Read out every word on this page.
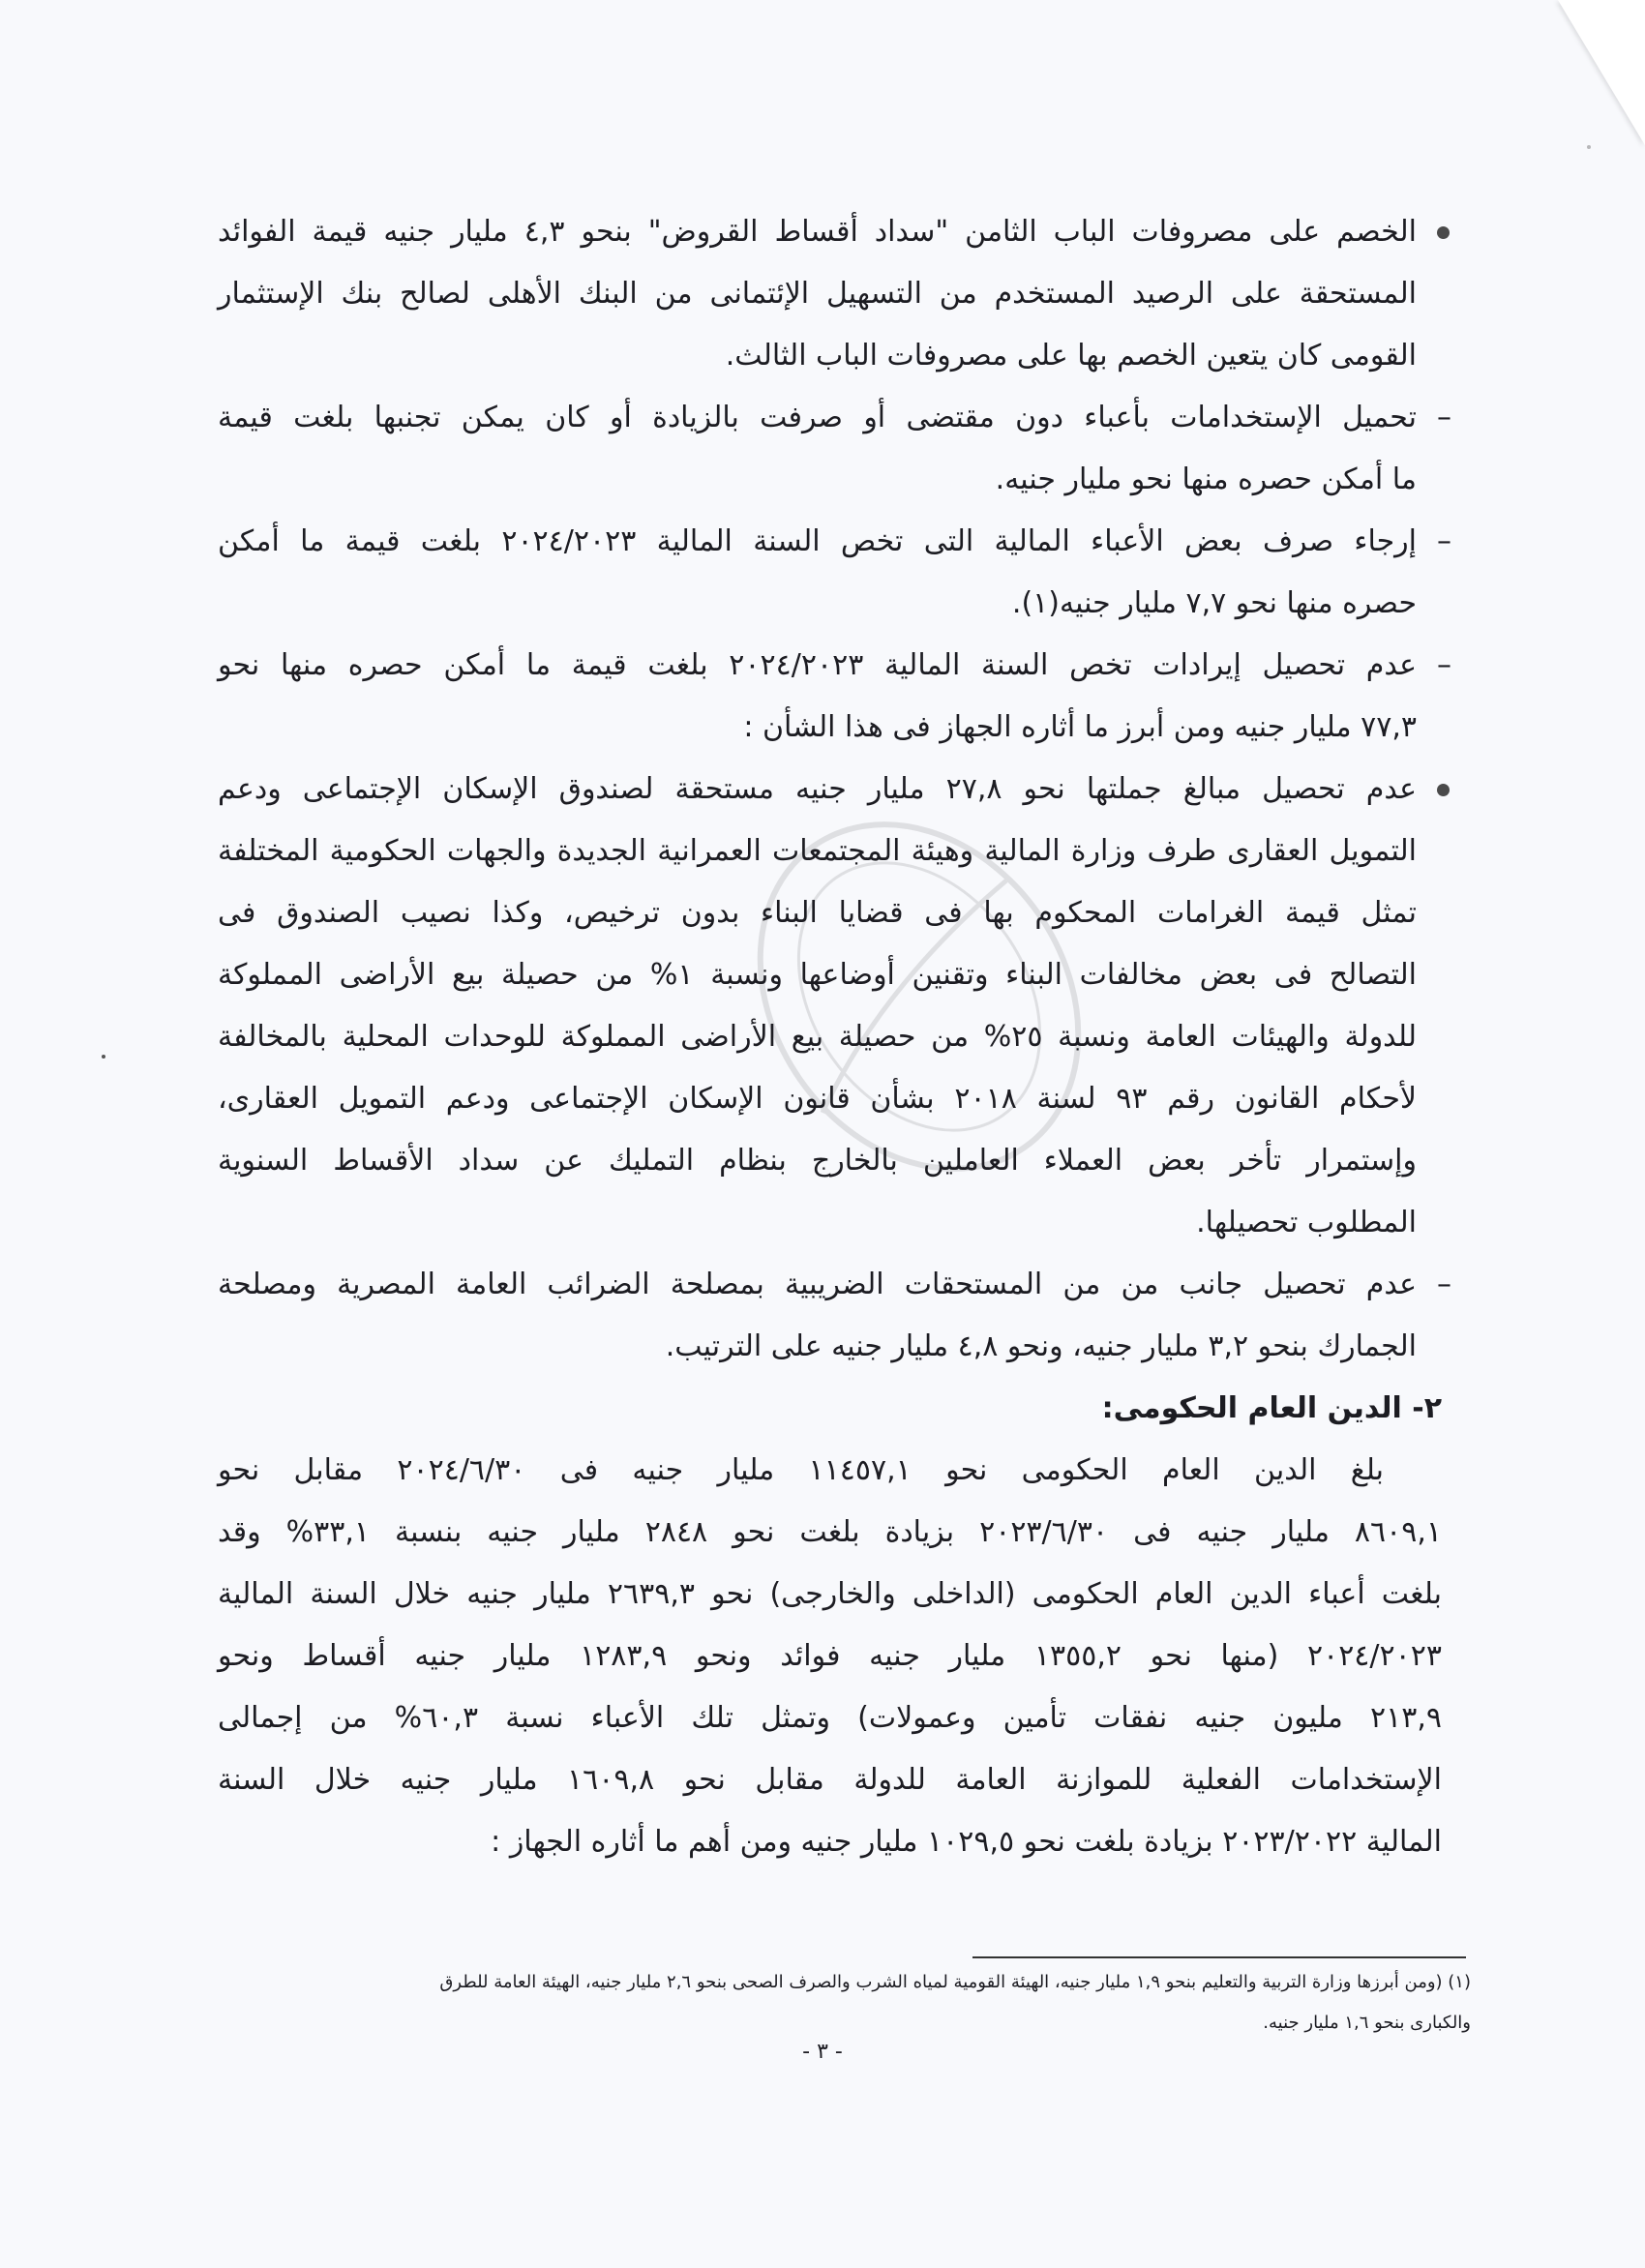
الخصم على مصروفات الباب الثامن "سداد أقساط القروض" بنحو ٤,٣ مليار جنيه قيمة الفوائد
المستحقة على الرصيد المستخدم من التسهيل الإئتمانى من البنك الأهلى لصالح بنك الإستثمار
القومى كان يتعين الخصم بها على مصروفات الباب الثالث.
–
تحميل الإستخدامات بأعباء دون مقتضى أو صرفت بالزيادة أو كان يمكن تجنبها بلغت قيمة
ما أمكن حصره منها نحو مليار جنيه.
–
إرجاء صرف بعض الأعباء المالية التى تخص السنة المالية ٢٠٢٤/٢٠٢٣ بلغت قيمة ما أمكن
حصره منها نحو ٧,٧ مليار جنيه(١).
–
عدم تحصيل إيرادات تخص السنة المالية ٢٠٢٤/٢٠٢٣ بلغت قيمة ما أمكن حصره منها نحو
٧٧,٣ مليار جنيه ومن أبرز ما أثاره الجهاز فى هذا الشأن :
عدم تحصيل مبالغ جملتها نحو ٢٧,٨ مليار جنيه مستحقة لصندوق الإسكان الإجتماعى ودعم
التمويل العقارى طرف وزارة المالية وهيئة المجتمعات العمرانية الجديدة والجهات الحكومية المختلفة
تمثل قيمة الغرامات المحكوم بها فى قضايا البناء بدون ترخيص، وكذا نصيب الصندوق فى
التصالح فى بعض مخالفات البناء وتقنين أوضاعها ونسبة ١% من حصيلة بيع الأراضى المملوكة
للدولة والهيئات العامة ونسبة ٢٥% من حصيلة بيع الأراضى المملوكة للوحدات المحلية بالمخالفة
لأحكام القانون رقم ٩٣ لسنة ٢٠١٨ بشأن قانون الإسكان الإجتماعى ودعم التمويل العقارى،
وإستمرار تأخر بعض العملاء العاملين بالخارج بنظام التمليك عن سداد الأقساط السنوية
المطلوب تحصيلها.
–
عدم تحصيل جانب من من المستحقات الضريبية بمصلحة الضرائب العامة المصرية ومصلحة
الجمارك بنحو ٣,٢ مليار جنيه، ونحو ٤,٨ مليار جنيه على الترتيب.
٢- الدين العام الحكومى:
بلغ الدين العام الحكومى نحو ١١٤٥٧,١ مليار جنيه فى ٢٠٢٤/٦/٣٠ مقابل نحو
٨٦٠٩,١ مليار جنيه فى ٢٠٢٣/٦/٣٠ بزيادة بلغت نحو ٢٨٤٨ مليار جنيه بنسبة ٣٣,١% وقد
بلغت أعباء الدين العام الحكومى (الداخلى والخارجى) نحو ٢٦٣٩,٣ مليار جنيه خلال السنة المالية
٢٠٢٤/٢٠٢٣ (منها نحو ١٣٥٥,٢ مليار جنيه فوائد ونحو ١٢٨٣,٩ مليار جنيه أقساط ونحو
٢١٣,٩ مليون جنيه نفقات تأمين وعمولات) وتمثل تلك الأعباء نسبة ٦٠,٣% من إجمالى
الإستخدامات الفعلية للموازنة العامة للدولة مقابل نحو ١٦٠٩,٨ مليار جنيه خلال السنة
المالية ٢٠٢٣/٢٠٢٢ بزيادة بلغت نحو ١٠٢٩,٥ مليار جنيه ومن أهم ما أثاره الجهاز :
(١) (ومن أبرزها وزارة التربية والتعليم بنحو ١,٩ مليار جنيه، الهيئة القومية لمياه الشرب والصرف الصحى بنحو ٢,٦ مليار جنيه، الهيئة العامة للطرق
والكبارى بنحو ١,٦ مليار جنيه.
- ٣ -
